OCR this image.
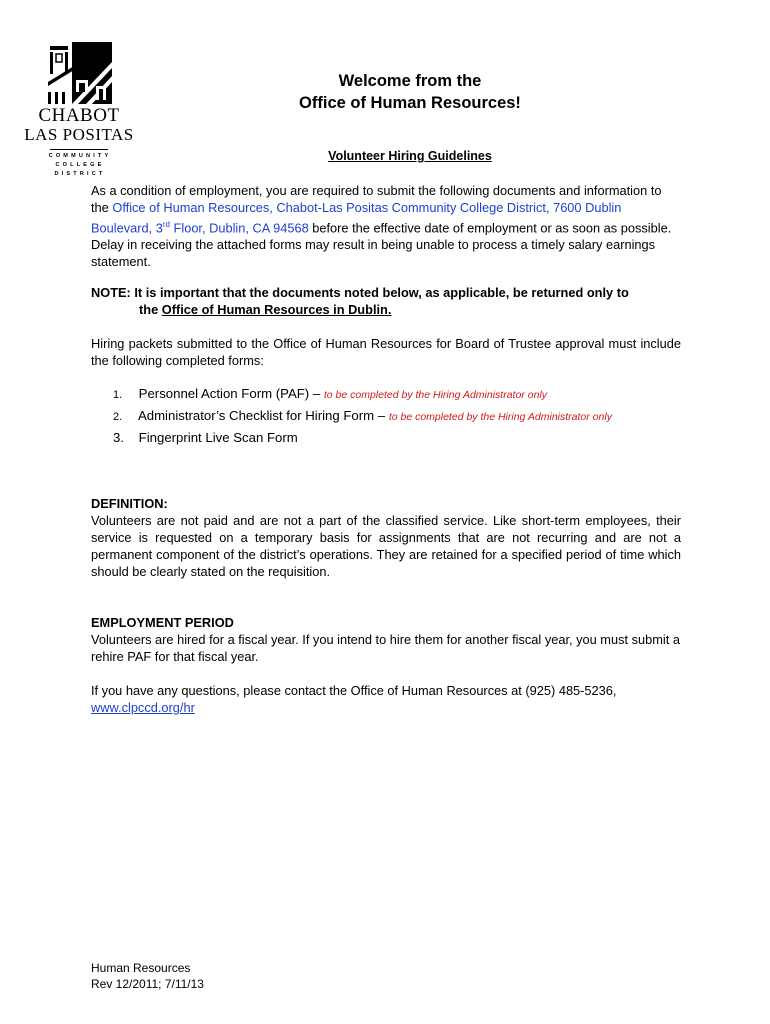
CHABOT
LAS POSITAS
COMMUNITY
COLLEGE
DISTRICT
Welcome from the
Office of Human Resources!
Volunteer Hiring Guidelines
As a condition of employment, you are required to submit the following documents and information to the Office of Human Resources, Chabot-Las Positas Community College District, 7600 Dublin Boulevard, 3rd Floor, Dublin, CA 94568 before the effective date of employment or as soon as possible. Delay in receiving the attached forms may result in being unable to process a timely salary earnings statement.
NOTE: It is important that the documents noted below, as applicable, be returned only to
the Office of Human Resources in Dublin.
Hiring packets submitted to the Office of Human Resources for Board of Trustee approval must include the following completed forms:
1. Personnel Action Form (PAF) – to be completed by the Hiring Administrator only
2. Administrator’s Checklist for Hiring Form – to be completed by the Hiring Administrator only
3. Fingerprint Live Scan Form
DEFINITION:
Volunteers are not paid and are not a part of the classified service. Like short-term employees, their service is requested on a temporary basis for assignments that are not recurring and are not a permanent component of the district’s operations. They are retained for a specified period of time which should be clearly stated on the requisition.
EMPLOYMENT PERIOD
Volunteers are hired for a fiscal year. If you intend to hire them for another fiscal year, you must submit a rehire PAF for that fiscal year.
If you have any questions, please contact the Office of Human Resources at (925) 485-5236,
www.clpccd.org/hr
Human Resources
Rev 12/2011; 7/11/13
